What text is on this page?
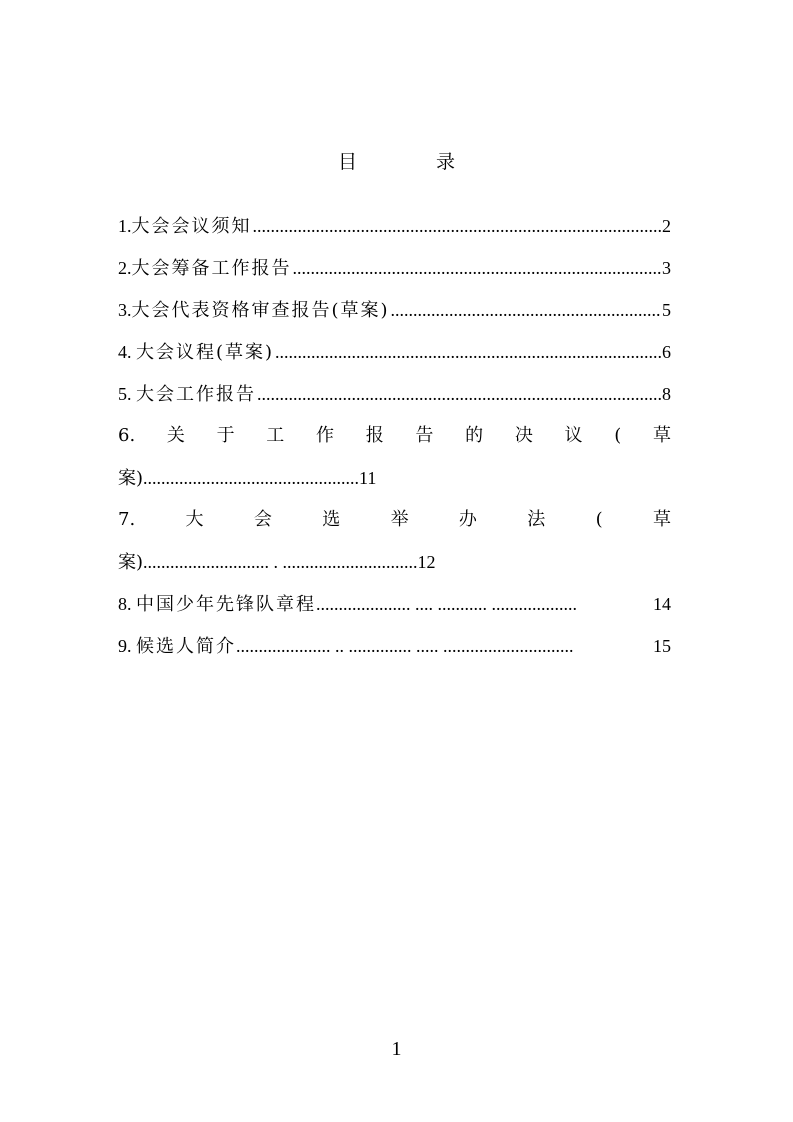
目　录
1. 大会会议须知 .....	2
2. 大会筹备工作报告 .....	3
3. 大会代表资格审查报告(草案) .....	5
4. 大会议程(草案) .....	6
5. 大会工作报告 .....	8
6. 关 于 工 作 报 告 的 决 议 ( 草
案)................................................11
7.	大	会	选	举	办	法	(	草
案)............................ . ..............................12
8. 中国少年先锋队章程 ..................... .... ........... ...................	14
9. 候选人简介 ..................... .. .............. ..... .............................	15
1
